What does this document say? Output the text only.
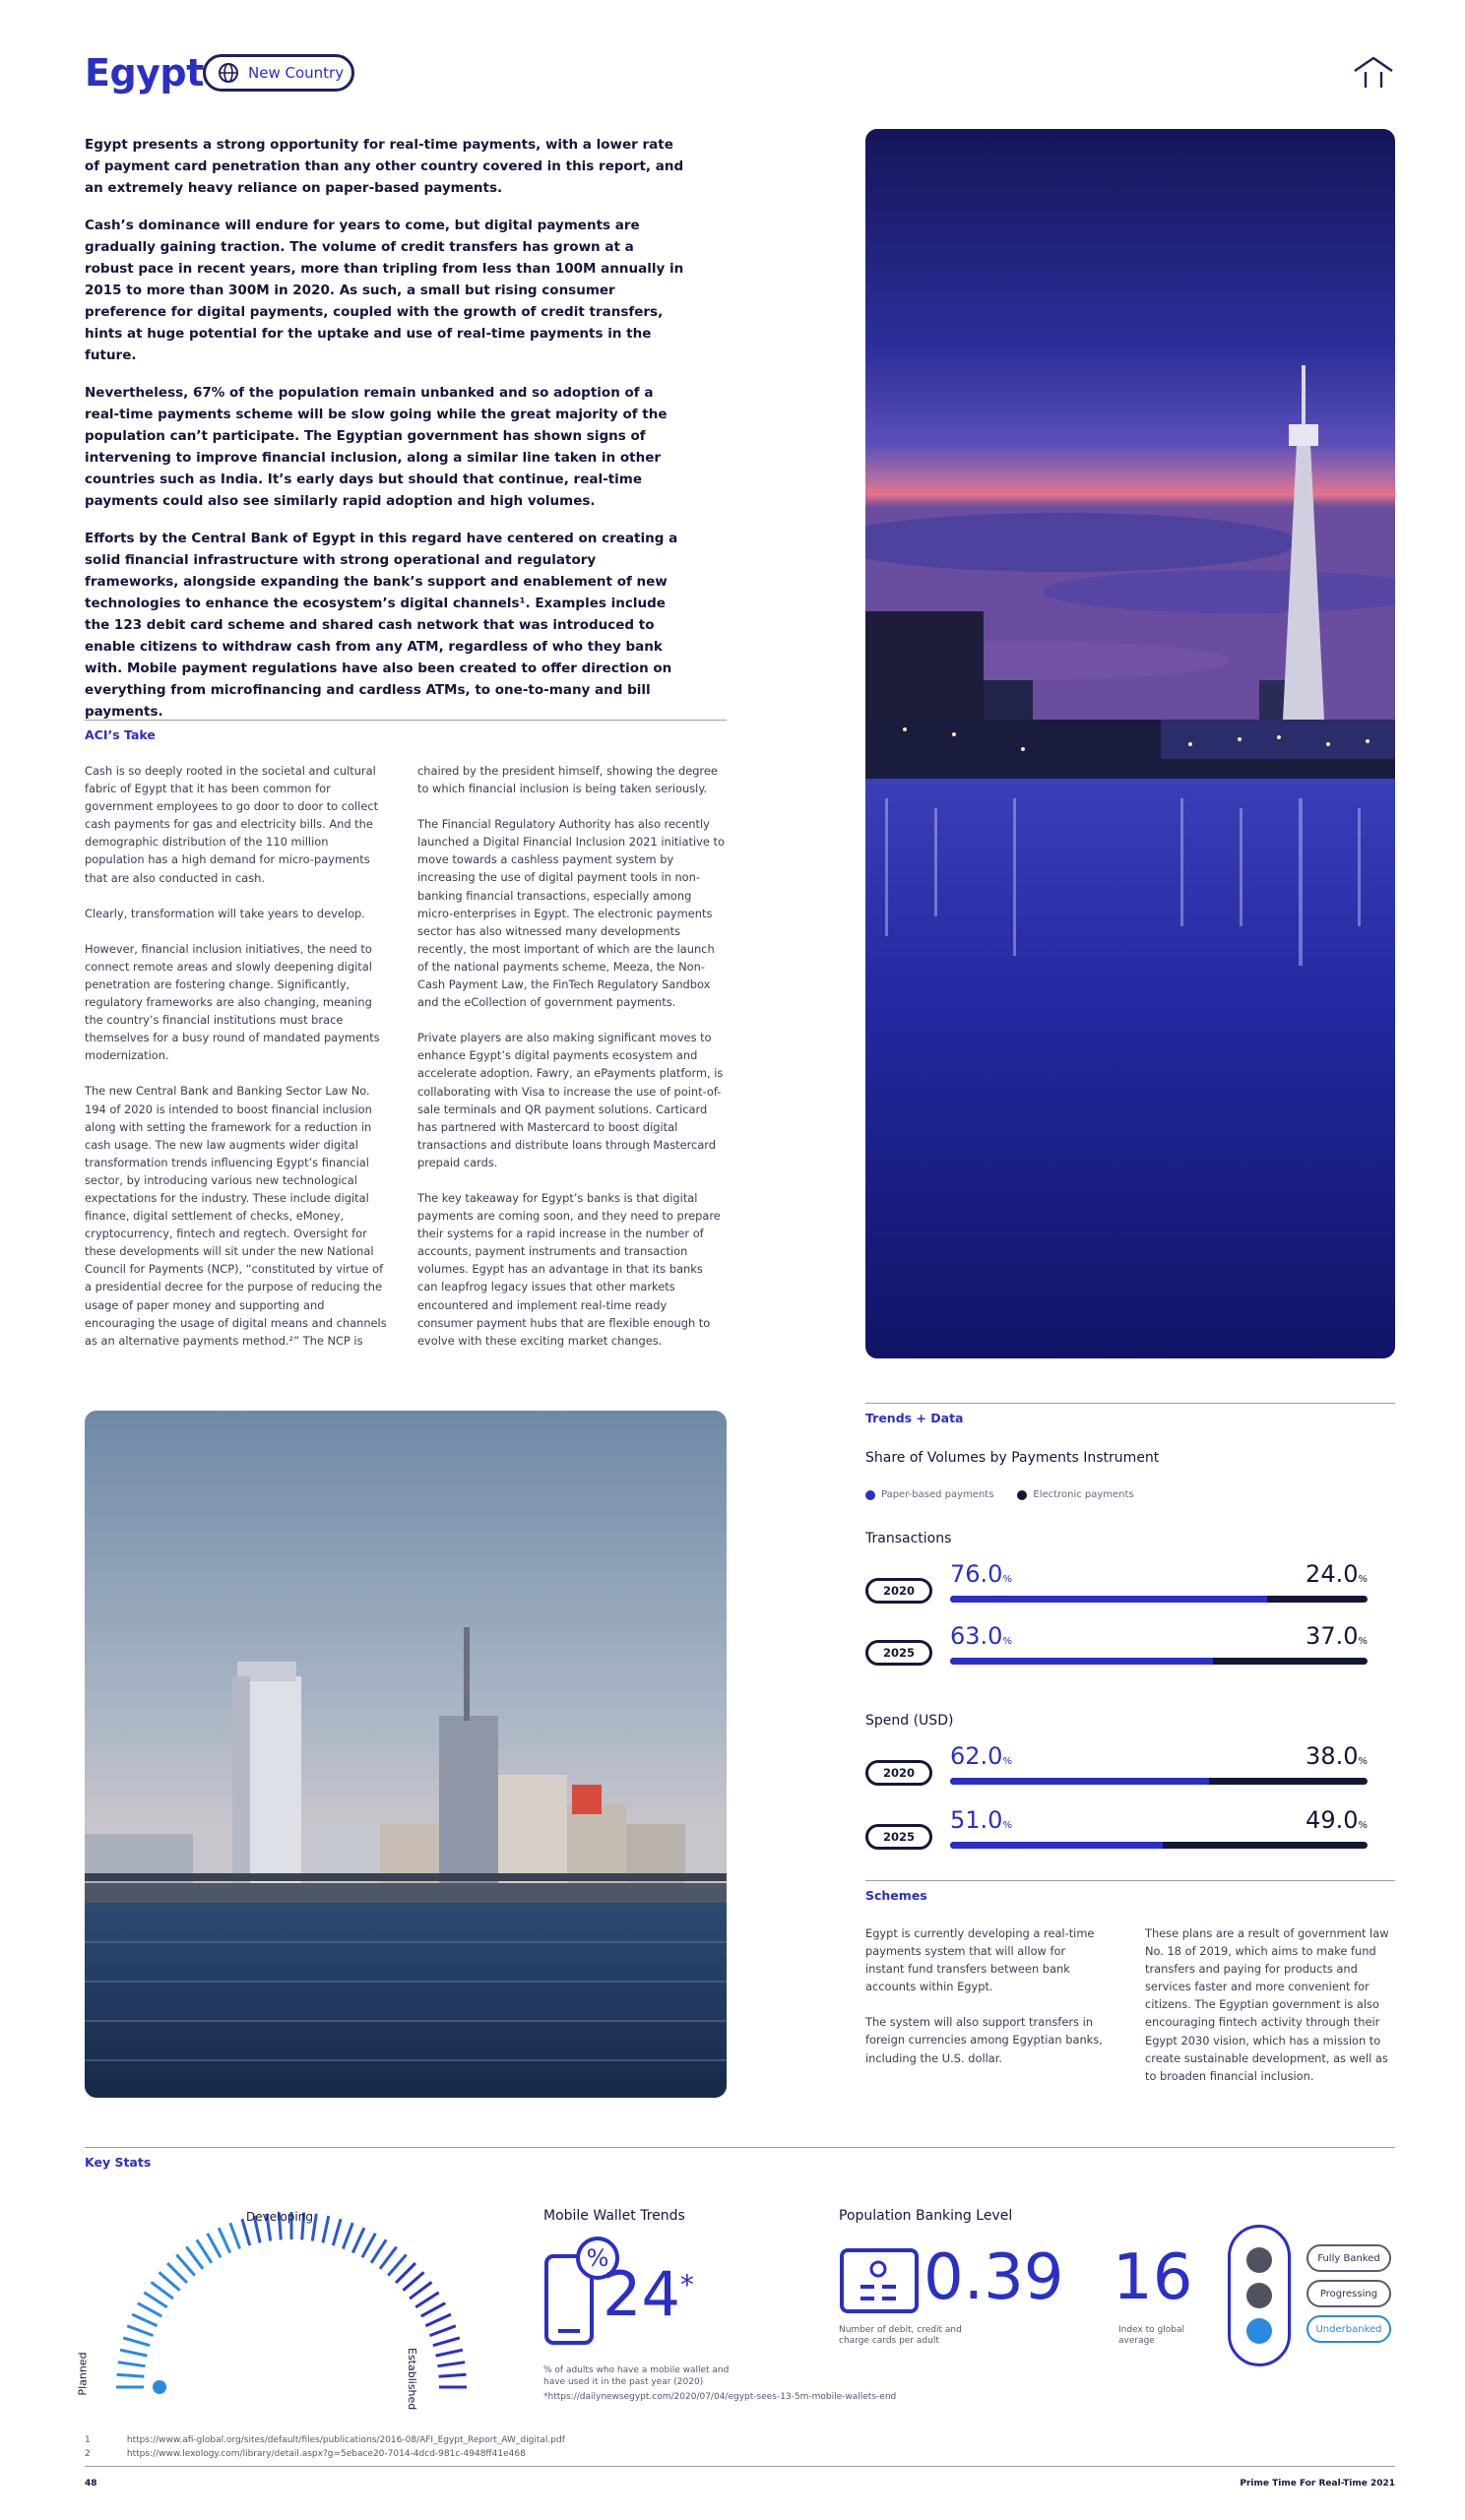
Egypt	New Country

Egypt presents a strong opportunity for real-time payments, with a lower rate of payment card penetration than any other country covered in this report, and an extremely heavy reliance on paper-based payments.

Cash’s dominance will endure for years to come, but digital payments are gradually gaining traction. The volume of credit transfers has grown at a robust pace in recent years, more than tripling from less than 100M annually in 2015 to more than 300M in 2020. As such, a small but rising consumer preference for digital payments, coupled with the growth of credit transfers, hints at huge potential for the uptake and use of real-time payments in the future.

Nevertheless, 67% of the population remain unbanked and so adoption of a real-time payments scheme will be slow going while the great majority of the population can’t participate. The Egyptian government has shown signs of intervening to improve financial inclusion, along a similar line taken in other countries such as India. It’s early days but should that continue, real-time payments could also see similarly rapid adoption and high volumes.

Efforts by the Central Bank of Egypt in this regard have centered on creating a solid financial infrastructure with strong operational and regulatory frameworks, alongside expanding the bank’s support and enablement of new technologies to enhance the ecosystem’s digital channels¹. Examples include the 123 debit card scheme and shared cash network that was introduced to enable citizens to withdraw cash from any ATM, regardless of who they bank with. Mobile payment regulations have also been created to offer direction on everything from microfinancing and cardless ATMs, to one-to-many and bill payments.

ACI’s Take

Cash is so deeply rooted in the societal and cultural fabric of Egypt that it has been common for government employees to go door to door to collect cash payments for gas and electricity bills. And the demographic distribution of the 110 million population has a high demand for micro-payments that are also conducted in cash.

Clearly, transformation will take years to develop.

However, financial inclusion initiatives, the need to connect remote areas and slowly deepening digital penetration are fostering change. Significantly, regulatory frameworks are also changing, meaning the country’s financial institutions must brace themselves for a busy round of mandated payments modernization.

The new Central Bank and Banking Sector Law No. 194 of 2020 is intended to boost financial inclusion along with setting the framework for a reduction in cash usage. The new law augments wider digital transformation trends influencing Egypt’s financial sector, by introducing various new technological expectations for the industry. These include digital finance, digital settlement of checks, eMoney, cryptocurrency, fintech and regtech. Oversight for these developments will sit under the new National Council for Payments (NCP), “constituted by virtue of a presidential decree for the purpose of reducing the usage of paper money and supporting and encouraging the usage of digital means and channels as an alternative payments method.²” The NCP is

chaired by the president himself, showing the degree to which financial inclusion is being taken seriously.

The Financial Regulatory Authority has also recently launched a Digital Financial Inclusion 2021 initiative to move towards a cashless payment system by increasing the use of digital payment tools in non-banking financial transactions, especially among micro-enterprises in Egypt. The electronic payments sector has also witnessed many developments recently, the most important of which are the launch of the national payments scheme, Meeza, the Non-Cash Payment Law, the FinTech Regulatory Sandbox and the eCollection of government payments.

Private players are also making significant moves to enhance Egypt’s digital payments ecosystem and accelerate adoption. Fawry, an ePayments platform, is collaborating with Visa to increase the use of point-of-sale terminals and QR payment solutions. Carticard has partnered with Mastercard to boost digital transactions and distribute loans through Mastercard prepaid cards.

The key takeaway for Egypt’s banks is that digital payments are coming soon, and they need to prepare their systems for a rapid increase in the number of accounts, payment instruments and transaction volumes. Egypt has an advantage in that its banks can leapfrog legacy issues that other markets encountered and implement real-time ready consumer payment hubs that are flexible enough to evolve with these exciting market changes.

Trends + Data
Share of Volumes by Payments Instrument
Paper-based payments	Electronic payments
Transactions
2020
76.0%	24.0%
2025
63.0%	37.0%
Spend (USD)
2020
62.0%	38.0%
2025
51.0%	49.0%
Schemes

Egypt is currently developing a real-time payments system that will allow for instant fund transfers between bank accounts within Egypt.

The system will also support transfers in foreign currencies among Egyptian banks, including the U.S. dollar.

These plans are a result of government law No. 18 of 2019, which aims to make fund transfers and paying for products and services faster and more convenient for citizens. The Egyptian government is also encouraging fintech activity through their Egypt 2030 vision, which has a mission to create sustainable development, as well as to broaden financial inclusion.

Key Stats
Developing
Planned	Established
Mobile Wallet Trends
%
24*
% of adults who have a mobile wallet and have used it in the past year (2020)
*https://dailynewsegypt.com/2020/07/04/egypt-sees-13-5m-mobile-wallets-end
Population Banking Level
0.39
Number of debit, credit and charge cards per adult
16
Index to global average
Fully Banked
Progressing
Underbanked
1	https://www.afi-global.org/sites/default/files/publications/2016-08/AFI_Egypt_Report_AW_digital.pdf
2	https://www.lexology.com/library/detail.aspx?g=5ebace20-7014-4dcd-981c-4948ff41e468
48	Prime Time For Real-Time 2021
